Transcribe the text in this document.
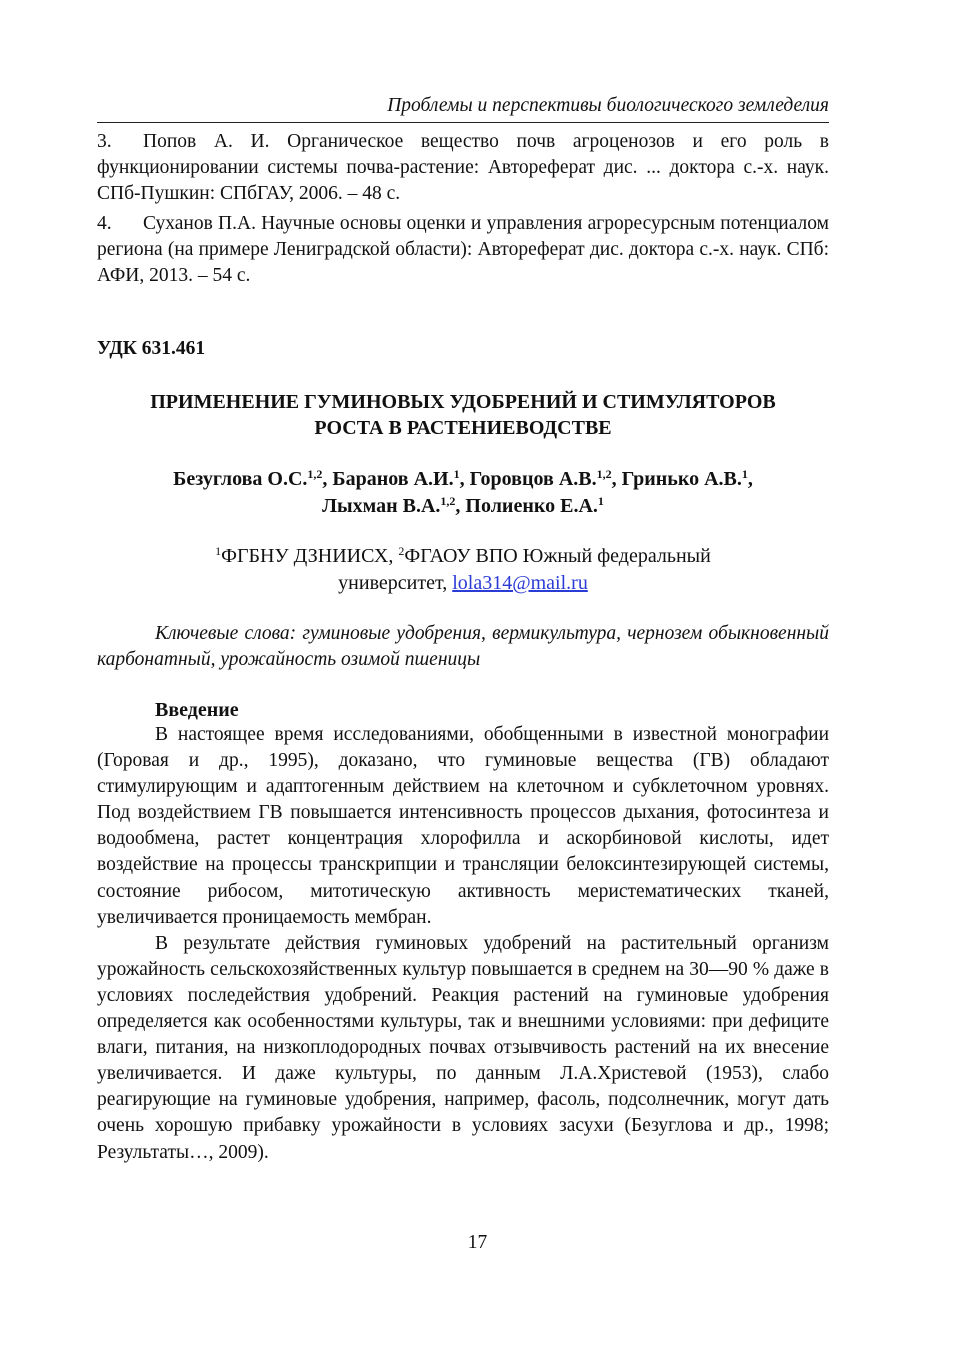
Проблемы и перспективы биологического земледелия

3. Попов А. И. Органическое вещество почв агроценозов и его роль в функционировании системы почва-растение: Автореферат дис. ... доктора с.-х. наук. СПб-Пушкин: СПбГАУ, 2006. – 48 с.

4. Суханов П.А. Научные основы оценки и управления агроресурсным потенциалом региона (на примере Лениградской области): Автореферат дис. доктора с.-х. наук. СПб: АФИ, 2013. – 54 с.

УДК 631.461
ПРИМЕНЕНИЕ ГУМИНОВЫХ УДОБРЕНИЙ И СТИМУЛЯТОРОВ
РОСТА В РАСТЕНИЕВОДСТВЕ
Безуглова О.С.$^{1,2}$, Баранов А.И.$^1$, Горовцов А.В.$^{1,2}$, Гринько А.В.$^1$,
Лыхман В.А.$^{1,2}$, Полиенко Е.А.$^1$
$^1$ФГБНУ ДЗНИИСХ, $^2$ФГАОУ ВПО Южный федеральный
университет, lola314@mail.ru
Ключевые слова: гуминовые удобрения, вермикультура, чернозем обыкновенный карбонатный, урожайность озимой пшеницы
Введение

В настоящее время исследованиями, обобщенными в известной монографии (Горовая и др., 1995), доказано, что гуминовые вещества (ГВ) обладают стимулирующим и адаптогенным действием на клеточном и субклеточном уровнях. Под воздействием ГВ повышается интенсивность процессов дыхания, фотосинтеза и водообмена, растет концентрация хлорофилла и аскорбиновой кислоты, идет воздействие на процессы транскрипции и трансляции белоксинтезирующей системы, состояние рибосом, митотическую активность меристематических тканей, увеличивается проницаемость мембран.

В результате действия гуминовых удобрений на растительный организм урожайность сельскохозяйственных культур повышается в среднем на 30—90 % даже в условиях последействия удобрений. Реакция растений на гуминовые удобрения определяется как особенностями культуры, так и внешними условиями: при дефиците влаги, питания, на низкоплодородных почвах отзывчивость растений на их внесение увеличивается. И даже культуры, по данным Л.А.Христевой (1953), слабо реагирующие на гуминовые удобрения, например, фасоль, подсолнечник, могут дать очень хорошую прибавку урожайности в условиях засухи (Безуглова и др., 1998; Результаты…, 2009).

17
